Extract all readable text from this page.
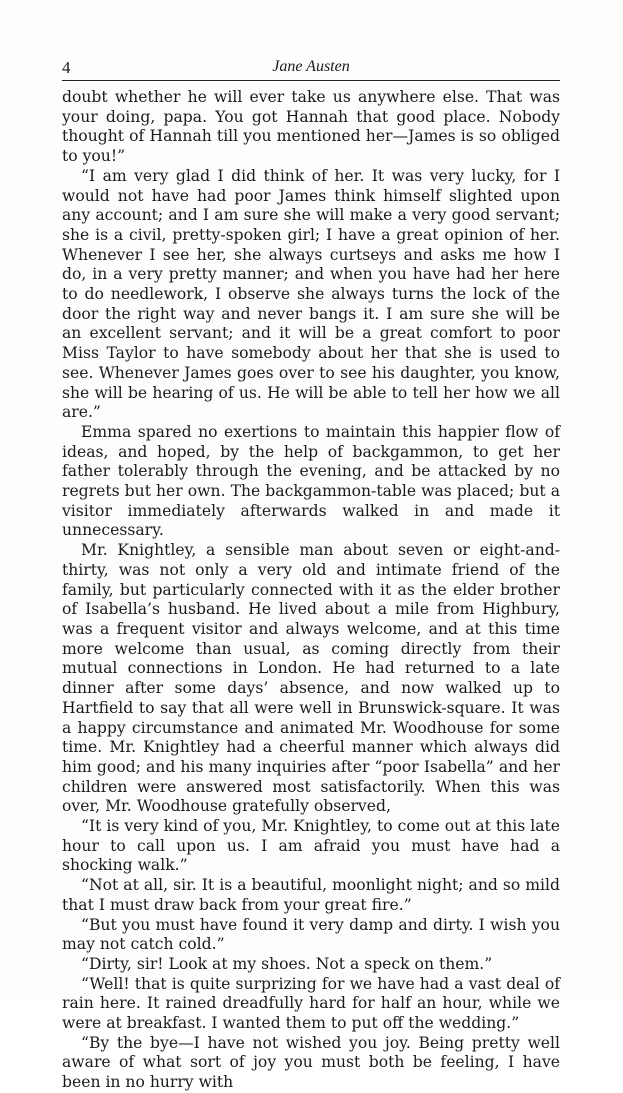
4	Jane Austen

doubt whether he will ever take us anywhere else. That was your doing, papa. You got Hannah that good place. Nobody thought of Hannah till you mentioned her—James is so obliged to you!”

“I am very glad I did think of her. It was very lucky, for I would not have had poor James think himself slighted upon any account; and I am sure she will make a very good servant; she is a civil, pretty-spoken girl; I have a great opinion of her. Whenever I see her, she always curtseys and asks me how I do, in a very pretty manner; and when you have had her here to do needlework, I observe she always turns the lock of the door the right way and never bangs it. I am sure she will be an excellent servant; and it will be a great comfort to poor Miss Taylor to have somebody about her that she is used to see. Whenever James goes over to see his daughter, you know, she will be hearing of us. He will be able to tell her how we all are.”

Emma spared no exertions to maintain this happier flow of ideas, and hoped, by the help of backgammon, to get her father tolerably through the evening, and be attacked by no regrets but her own. The backgammon-table was placed; but a visitor immediately afterwards walked in and made it unnecessary.

Mr. Knightley, a sensible man about seven or eight-and-thirty, was not only a very old and intimate friend of the family, but particularly connected with it as the elder brother of Isabella’s husband. He lived about a mile from Highbury, was a frequent visitor and always welcome, and at this time more welcome than usual, as coming directly from their mutual connections in London. He had returned to a late dinner after some days’ absence, and now walked up to Hartfield to say that all were well in Brunswick-square. It was a happy circumstance and animated Mr. Woodhouse for some time. Mr. Knightley had a cheerful manner which always did him good; and his many inquiries after “poor Isabella” and her children were answered most satisfactorily. When this was over, Mr. Woodhouse gratefully observed,

“It is very kind of you, Mr. Knightley, to come out at this late hour to call upon us. I am afraid you must have had a shocking walk.”

“Not at all, sir. It is a beautiful, moonlight night; and so mild that I must draw back from your great fire.”

“But you must have found it very damp and dirty. I wish you may not catch cold.”

“Dirty, sir! Look at my shoes. Not a speck on them.”

“Well! that is quite surprizing for we have had a vast deal of rain here. It rained dreadfully hard for half an hour, while we were at breakfast. I wanted them to put off the wedding.”

“By the bye—I have not wished you joy. Being pretty well aware of what sort of joy you must both be feeling, I have been in no hurry with
